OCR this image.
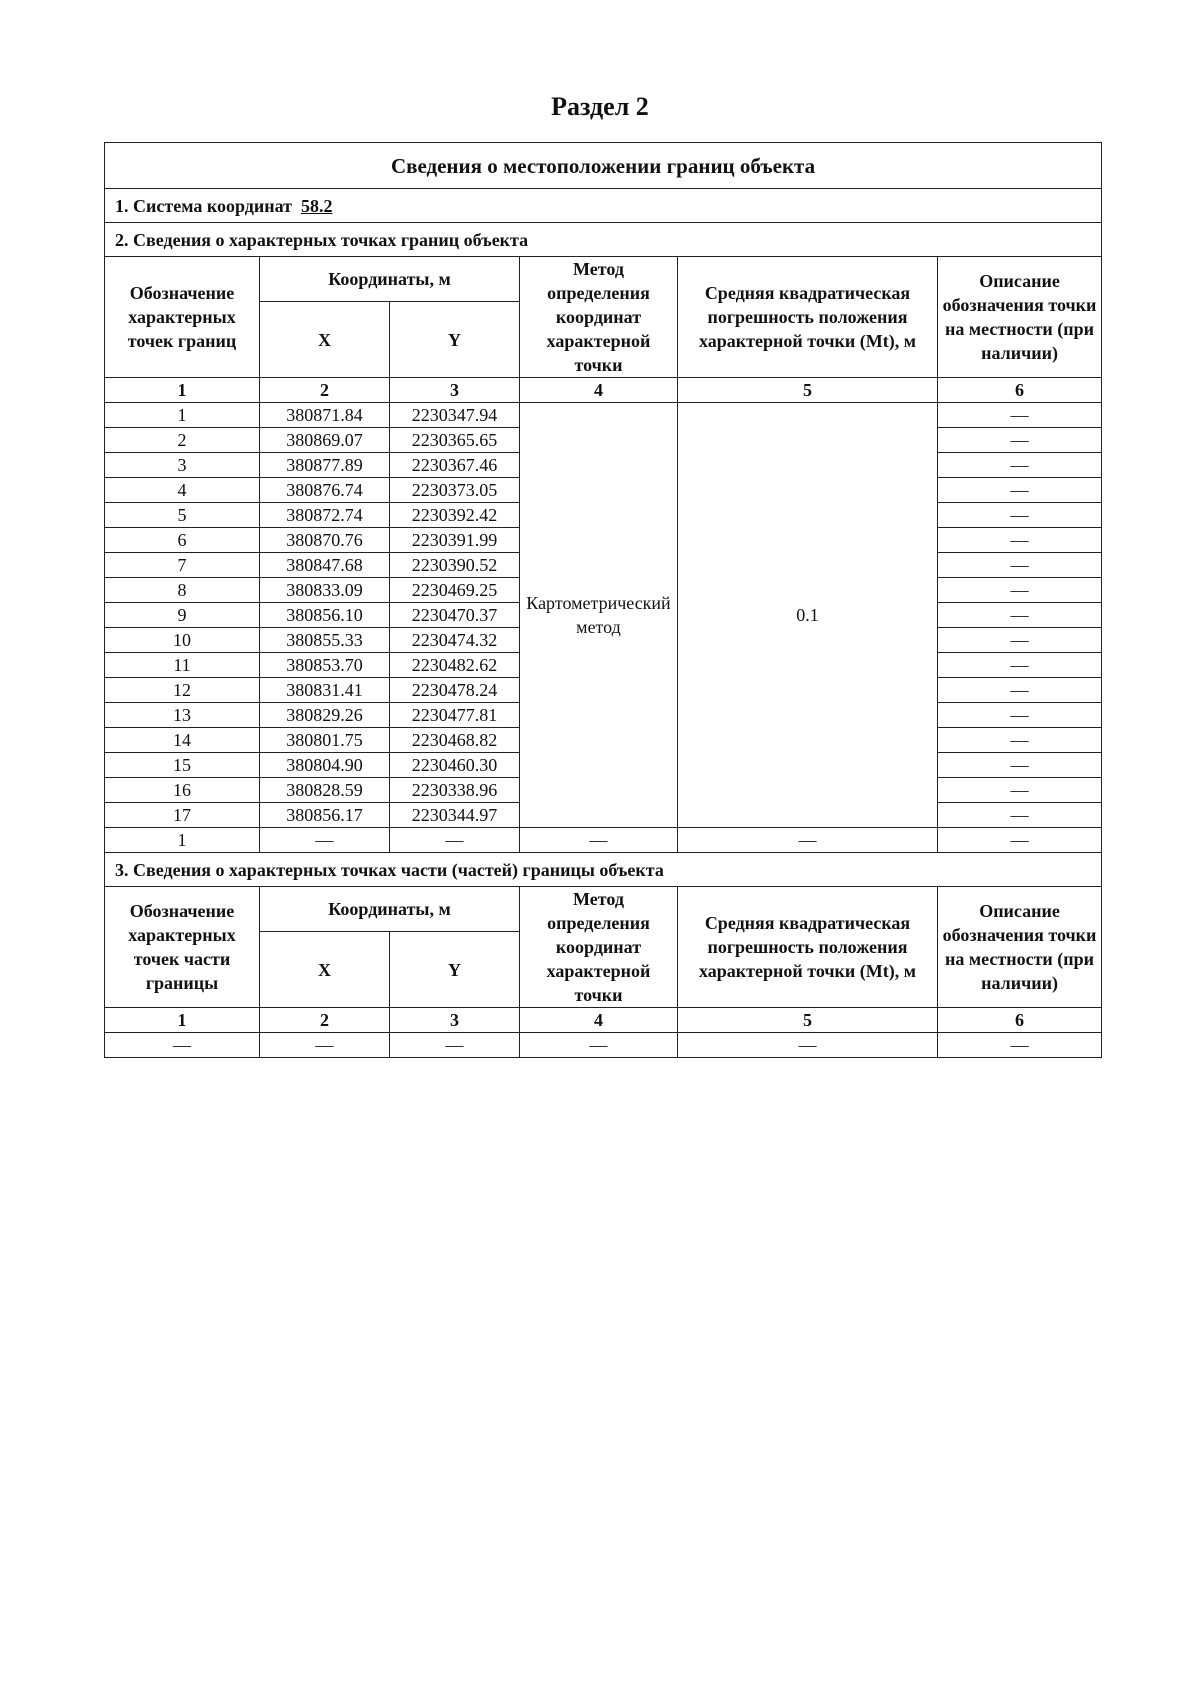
Раздел 2
Сведения о местоположении границ объекта					
1. Система координат 58.2					
2. Сведения о характерных точках границ объекта					
Обозначение характерных точек границ	Координаты, м		Метод определения координат характерной точки	Средняя квадратическая погрешность положения характерной точки (Mt), м	Описание обозначения точки на местности (при наличии)
	X	Y			
1	2	3	4	5	6
1	380871.84	2230347.94	Картометрический метод	0.1	—
2	380869.07	2230365.65			—
3	380877.89	2230367.46			—
4	380876.74	2230373.05			—
5	380872.74	2230392.42			—
6	380870.76	2230391.99			—
7	380847.68	2230390.52			—
8	380833.09	2230469.25			—
9	380856.10	2230470.37			—
10	380855.33	2230474.32			—
11	380853.70	2230482.62			—
12	380831.41	2230478.24			—
13	380829.26	2230477.81			—
14	380801.75	2230468.82			—
15	380804.90	2230460.30			—
16	380828.59	2230338.96			—
17	380856.17	2230344.97			—
1	—	—	—	—	—
3. Сведения о характерных точках части (частей) границы объекта					
Обозначение характерных точек части границы	Координаты, м		Метод определения координат характерной точки	Средняя квадратическая погрешность положения характерной точки (Mt), м	Описание обозначения точки на местности (при наличии)
	X	Y			
1	2	3	4	5	6
—	—	—	—	—	—
